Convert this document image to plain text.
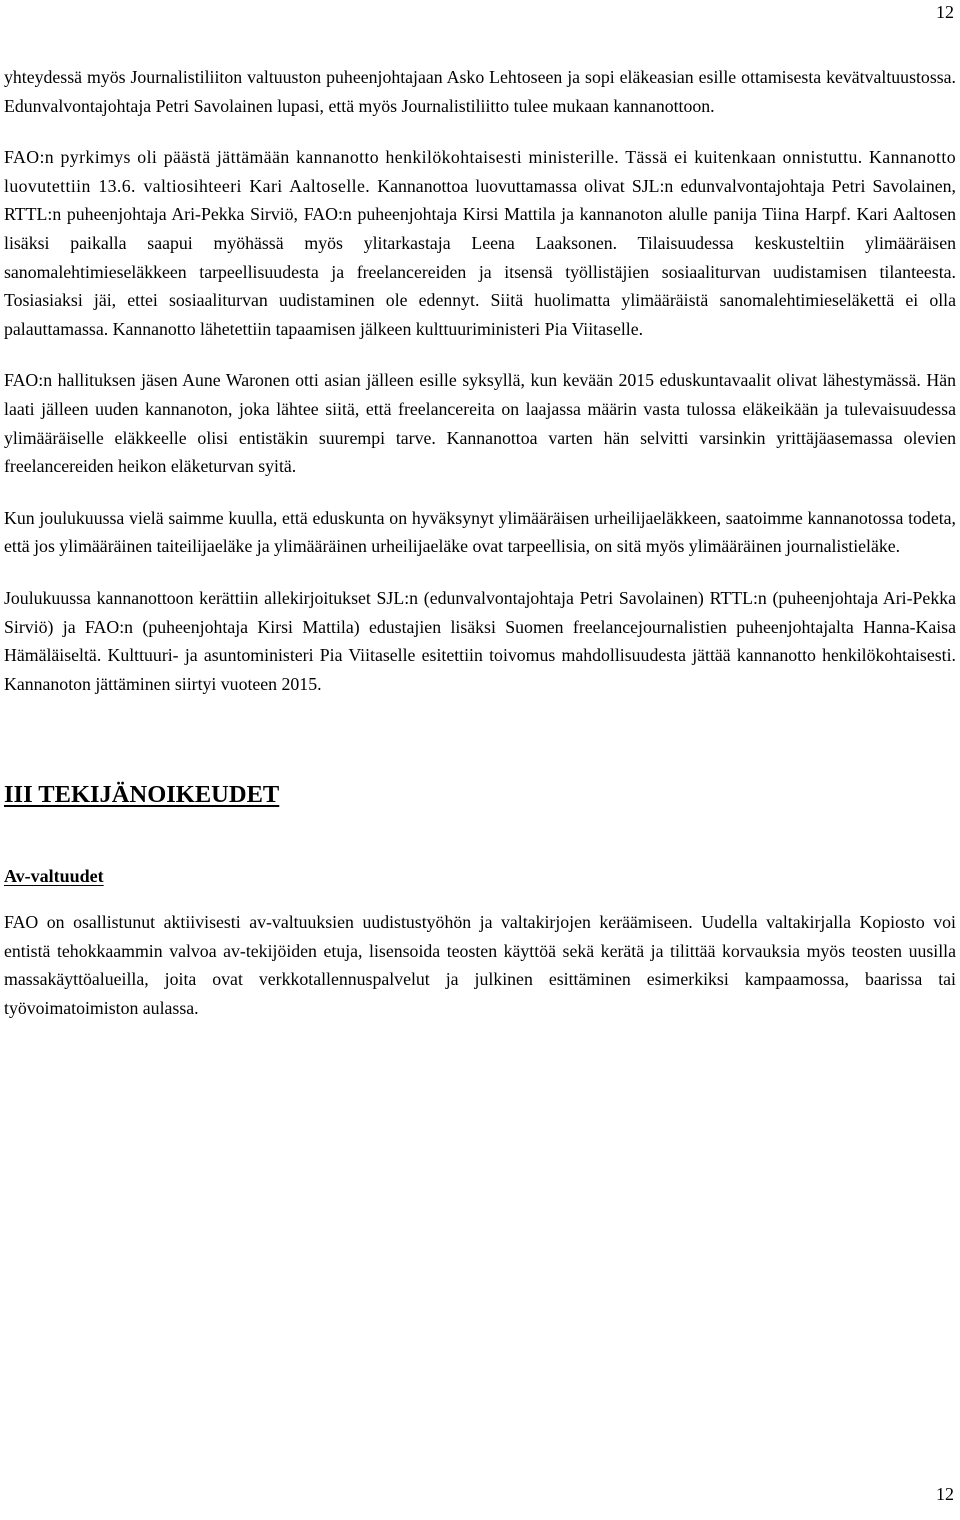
12

yhteydessä myös Journalistiliiton valtuuston puheenjohtajaan Asko Lehtoseen ja sopi eläkeasian esille ottamisesta kevätvaltuustossa. Edunvalvontajohtaja Petri Savolainen lupasi, että myös Journalistiliitto tulee mukaan kannanottoon.

FAO:n pyrkimys oli päästä jättämään kannanotto henkilökohtaisesti ministerille. Tässä ei kuitenkaan onnistuttu. Kannanotto luovutettiin 13.6. valtiosihteeri Kari Aaltoselle. Kannanottoa luovuttamassa olivat SJL:n edunvalvontajohtaja Petri Savolainen, RTTL:n puheenjohtaja Ari-Pekka Sirviö, FAO:n puheenjohtaja Kirsi Mattila ja kannanoton alulle panija Tiina Harpf. Kari Aaltosen lisäksi paikalla saapui myöhässä myös ylitarkastaja Leena Laaksonen. Tilaisuudessa keskusteltiin ylimääräisen sanomalehtimieseläkkeen tarpeellisuudesta ja freelancereiden ja itsensä työllistäjien sosiaaliturvan uudistamisen tilanteesta. Tosiasiaksi jäi, ettei sosiaaliturvan uudistaminen ole edennyt. Siitä huolimatta ylimääräistä sanomalehtimieseläkettä ei olla palauttamassa. Kannanotto lähetettiin tapaamisen jälkeen kulttuuriministeri Pia Viitaselle.

FAO:n hallituksen jäsen Aune Waronen otti asian jälleen esille syksyllä, kun kevään 2015 eduskuntavaalit olivat lähestymässä. Hän laati jälleen uuden kannanoton, joka lähtee siitä, että freelancereita on laajassa määrin vasta tulossa eläkeikään ja tulevaisuudessa ylimääräiselle eläkkeelle olisi entistäkin suurempi tarve. Kannanottoa varten hän selvitti varsinkin yrittäjäasemassa olevien freelancereiden heikon eläketurvan syitä.

Kun joulukuussa vielä saimme kuulla, että eduskunta on hyväksynyt ylimääräisen urheilijaeläkkeen, saatoimme kannanotossa todeta, että jos ylimääräinen taiteilijaeläke ja ylimääräinen urheilijaeläke ovat tarpeellisia, on sitä myös ylimääräinen journalistieläke.

Joulukuussa kannanottoon kerättiin allekirjoitukset SJL:n (edunvalvontajohtaja Petri Savolainen) RTTL:n (puheenjohtaja Ari-Pekka Sirviö) ja FAO:n (puheenjohtaja Kirsi Mattila) edustajien lisäksi Suomen freelancejournalistien puheenjohtajalta Hanna-Kaisa Hämäläiseltä. Kulttuuri- ja asuntoministeri Pia Viitaselle esitettiin toivomus mahdollisuudesta jättää kannanotto henkilökohtaisesti. Kannanoton jättäminen siirtyi vuoteen 2015.

III TEKIJÄNOIKEUDET
Av-valtuudet

FAO on osallistunut aktiivisesti av-valtuuksien uudistustyöhön ja valtakirjojen keräämiseen. Uudella valtakirjalla Kopiosto voi entistä tehokkaammin valvoa av-tekijöiden etuja, lisensoida teosten käyttöä sekä kerätä ja tilittää korvauksia myös teosten uusilla massakäyttöalueilla, joita ovat verkkotallennuspalvelut ja julkinen esittäminen esimerkiksi kampaamossa, baarissa tai työvoimatoimiston aulassa.

12
